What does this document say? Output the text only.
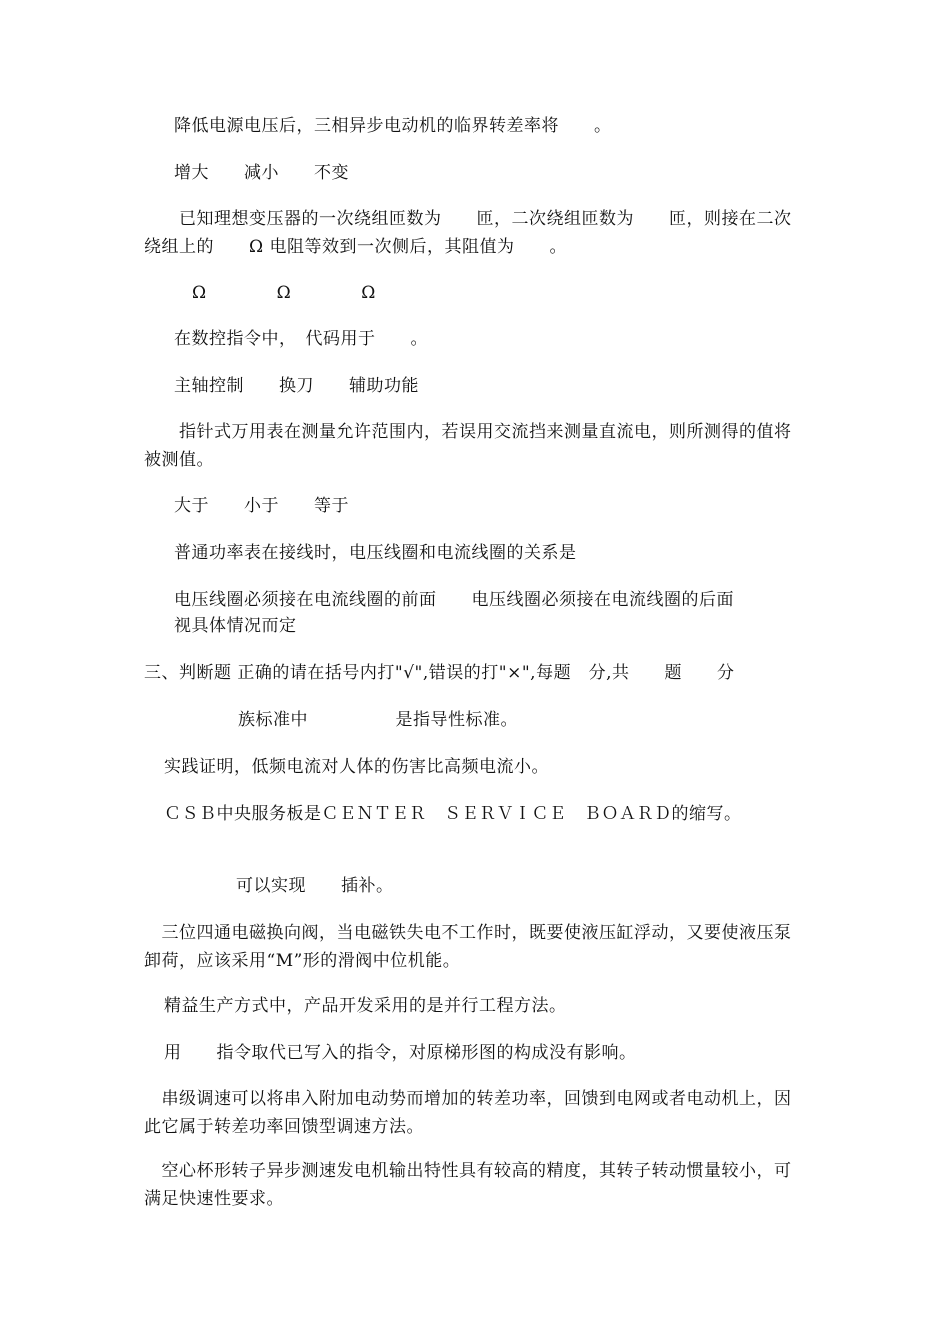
降低电源电压后，三相异步电动机的临界转差率将　　。
增大　　减小　　不变
　　已知理想变压器的一次绕组匝数为　　匝，二次绕组匝数为　　匝，则接在二次绕组上的　　Ω 电阻等效到一次侧后，其阻值为　　。
Ω　　　　Ω　　　　Ω
在数控指令中，　代码用于　　。
主轴控制　　换刀　　辅助功能
　　指针式万用表在测量允许范围内，若误用交流挡来测量直流电，则所测得的值将　　被测值。
大于　　小于　　等于
普通功率表在接线时，电压线圈和电流线圈的关系是
电压线圈必须接在电流线圈的前面　　电压线圈必须接在电流线圈的后面
视具体情况而定
三、判断题 正确的请在括号内打"√",错误的打"×",每题　分,共　　题　　分
族标准中　　　　　是指导性标准。
实践证明，低频电流对人体的伤害比高频电流小。
ＣＳＢ中央服务板是ＣＥＮＴＥＲ　ＳＥＲＶＩＣＥ　ＢＯＡＲＤ的缩写。
可以实现　　插补。
　三位四通电磁换向阀，当电磁铁失电不工作时，既要使液压缸浮动，又要使液压泵卸荷，应该采用“M”形的滑阀中位机能。
精益生产方式中，产品开发采用的是并行工程方法。
用　　指令取代已写入的指令，对原梯形图的构成没有影响。
　串级调速可以将串入附加电动势而增加的转差功率，回馈到电网或者电动机上，因此它属于转差功率回馈型调速方法。
　空心杯形转子异步测速发电机输出特性具有较高的精度，其转子转动惯量较小，可满足快速性要求。
